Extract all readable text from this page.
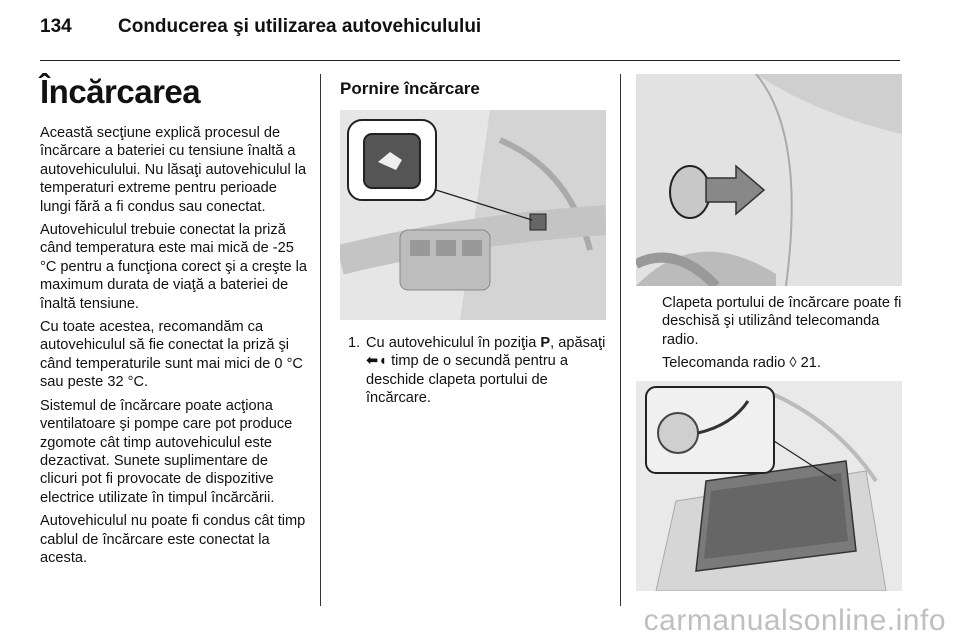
134 Conducerea şi utilizarea autovehiculului
Încărcarea

Această secţiune explică procesul de încărcare a bateriei cu tensiune înaltă a autovehiculului. Nu lăsaţi autovehiculul la temperaturi extreme pentru perioade lungi fără a fi condus sau conectat.

Autovehiculul trebuie conectat la priză când temperatura este mai mică de -25 °C pentru a funcţiona corect şi a creşte la maximum durata de viaţă a bateriei de înaltă tensiune.

Cu toate acestea, recomandăm ca autovehiculul să fie conectat la priză şi când temperaturile sunt mai mici de 0 °C sau peste 32 °C.

Sistemul de încărcare poate acţiona ventilatoare şi pompe care pot produce zgomote cât timp autovehiculul este dezactivat. Sunete suplimentare de clicuri pot fi provocate de dispozitive electrice utilizate în timpul încărcării.

Autovehiculul nu poate fi condus cât timp cablul de încărcare este conectat la acesta.

Pornire încărcare
1. Cu autovehiculul în poziţia P, apăsaţi ⬅◖ timp de o secundă pentru a deschide clapeta portului de încărcare.

Clapeta portului de încărcare poate fi deschisă şi utilizând telecomanda radio.

Telecomanda radio ◊ 21.

carmanualsonline.info
